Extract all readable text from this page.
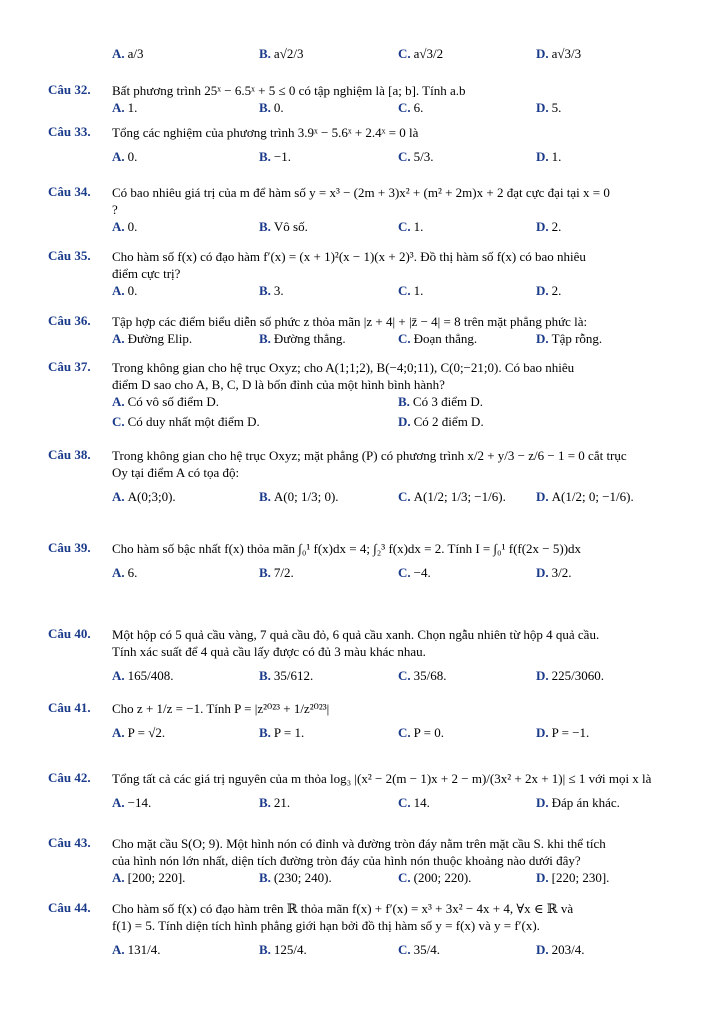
A. a/3	B. a√2/3	C. a√3/2	D. a√3/3
Câu 32. Bất phương trình 25ˣ − 6.5ˣ + 5 ≤ 0 có tập nghiệm là [a; b]. Tính a.b

A. 1.	B. 0.	C. 6.	D. 5.
Câu 33. Tổng các nghiệm của phương trình 3.9ˣ − 5.6ˣ + 2.4ˣ = 0 là

A. 0.	B. −1.	C. 5/3.	D. 1.
Câu 34. Có bao nhiêu giá trị của m để hàm số y = x³ − (2m + 3)x² + (m² + 2m)x + 2 đạt cực đại tại x = 0

?

A. 0.	B. Vô số.	C. 1.	D. 2.
Câu 35. Cho hàm số f(x) có đạo hàm f′(x) = (x + 1)²(x − 1)(x + 2)³. Đồ thị hàm số f(x) có bao nhiêu

điểm cực trị?

A. 0.	B. 3.	C. 1.	D. 2.
Câu 36. Tập hợp các điểm biểu diễn số phức z thỏa mãn |z + 4| + |z̄ − 4| = 8 trên mặt phẳng phức là:

A. Đường Elip.	B. Đường thẳng.	C. Đoạn thẳng.	D. Tập rỗng.
Câu 37. Trong không gian cho hệ trục Oxyz; cho A(1;1;2), B(−4;0;11), C(0;−21;0). Có bao nhiêu

điểm D sao cho A, B, C, D là bốn đỉnh của một hình bình hành?

A. Có vô số điểm D.	B. Có 3 điểm D.
C. Có duy nhất một điểm D.	D. Có 2 điểm D.
Câu 38. Trong không gian cho hệ trục Oxyz; mặt phẳng (P) có phương trình x/2 + y/3 − z/6 − 1 = 0 cắt trục

Oy tại điểm A có tọa độ:

A. A(0;3;0).	B. A(0; 1/3; 0).	C. A(1/2; 1/3; −1/6). D. A(1/2; 0; −1/6).
Câu 39. Cho hàm số bậc nhất f(x) thỏa mãn ∫₀¹ f(x)dx = 4; ∫₂³ f(x)dx = 2. Tính I = ∫₀¹ f(f(2x − 5))dx

A. 6.	B. 7/2.	C. −4.	D. 3/2.
Câu 40. Một hộp có 5 quả cầu vàng, 7 quả cầu đỏ, 6 quả cầu xanh. Chọn ngẫu nhiên từ hộp 4 quả cầu.

Tính xác suất để 4 quả cầu lấy được có đủ 3 màu khác nhau.

A. 165/408.	B. 35/612.	C. 35/68.	D. 225/3060.
Câu 41. Cho z + 1/z = −1. Tính P = |z²⁰²³ + 1/z²⁰²³|

A. P = √2.	B. P = 1.	C. P = 0.	D. P = −1.
Câu 42. Tổng tất cả các giá trị nguyên của m thỏa log₃ |(x² − 2(m − 1)x + 2 − m)/(3x² + 2x + 1)| ≤ 1 với mọi x là

A. −14.	B. 21.	C. 14.	D. Đáp án khác.
Câu 43. Cho mặt cầu S(O; 9). Một hình nón có đỉnh và đường tròn đáy nằm trên mặt cầu S. khi thể tích

của hình nón lớn nhất, diện tích đường tròn đáy của hình nón thuộc khoảng nào dưới đây?

A. [200; 220].	B. (230; 240).	C. (200; 220).	D. [220; 230].
Câu 44. Cho hàm số f(x) có đạo hàm trên ℝ thỏa mãn f(x) + f′(x) = x³ + 3x² − 4x + 4, ∀x ∈ ℝ và

f(1) = 5. Tính diện tích hình phẳng giới hạn bởi đồ thị hàm số y = f(x) và y = f′(x).

A. 131/4.	B. 125/4.	C. 35/4.	D. 203/4.
